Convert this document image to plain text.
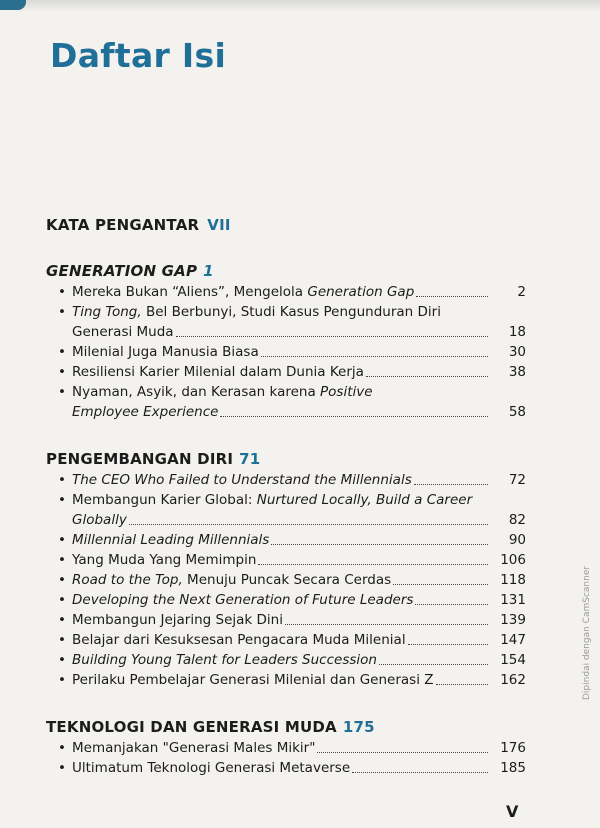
Daftar Isi
KATA PENGANTAR VII
GENERATION GAP 1
• Mereka Bukan “Aliens”, Mengelola Generation Gap	2
• Ting Tong, Bel Berbunyi, Studi Kasus Pengunduran Diri
Generasi Muda	18
• Milenial Juga Manusia Biasa	30
• Resiliensi Karier Milenial dalam Dunia Kerja	38
• Nyaman, Asyik, dan Kerasan karena Positive
Employee Experience	58
PENGEMBANGAN DIRI 71
• The CEO Who Failed to Understand the Millennials	72
• Membangun Karier Global: Nurtured Locally, Build a Career
Globally	82
• Millennial Leading Millennials	90
• Yang Muda Yang Memimpin	106
• Road to the Top, Menuju Puncak Secara Cerdas	118
• Developing the Next Generation of Future Leaders	131
• Membangun Jejaring Sejak Dini	139
• Belajar dari Kesuksesan Pengacara Muda Milenial	147
• Building Young Talent for Leaders Succession	154
• Perilaku Pembelajar Generasi Milenial dan Generasi Z	162
TEKNOLOGI DAN GENERASI MUDA 175
• Memanjakan "Generasi Males Mikir"	176
• Ultimatum Teknologi Generasi Metaverse	185
V
Dipindai dengan CamScanner
